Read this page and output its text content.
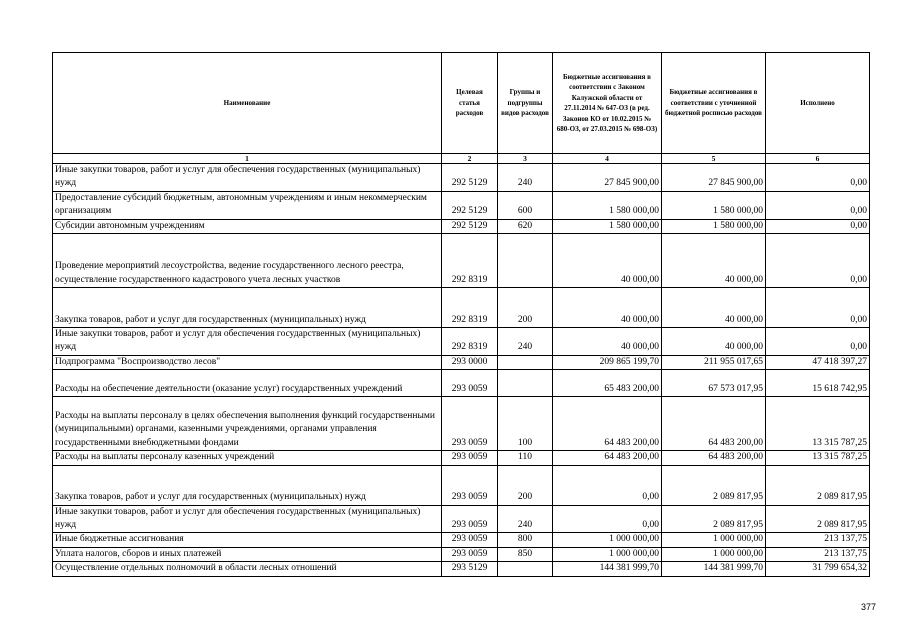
Наименование	Целевая статья расходов	Группы и подгруппы видов расходов	Бюджетные ассигнования в соответствии с Законом Калужской области от 27.11.2014 № 647-ОЗ (в ред. Законов КО от 10.02.2015 № 680-ОЗ, от 27.03.2015 № 698-ОЗ)	Бюджетные ассигнования в соответствии с уточненной бюджетной росписью расходов	Исполнено
1	2	3	4	5	6
Иные закупки товаров, работ и услуг для обеспечения государственных (муниципальных) нужд	292 5129	240	27 845 900,00	27 845 900,00	0,00
Предоставление субсидий бюджетным, автономным учреждениям и иным некоммерческим организациям	292 5129	600	1 580 000,00	1 580 000,00	0,00
Субсидии автономным учреждениям	292 5129	620	1 580 000,00	1 580 000,00	0,00
Проведение мероприятий лесоустройства, ведение государственного лесного реестра, осуществление государственного кадастрового учета лесных участков	292 8319		40 000,00	40 000,00	0,00
Закупка товаров, работ и услуг для государственных (муниципальных) нужд	292 8319	200	40 000,00	40 000,00	0,00
Иные закупки товаров, работ и услуг для обеспечения государственных (муниципальных) нужд	292 8319	240	40 000,00	40 000,00	0,00
Подпрограмма "Воспроизводство лесов"	293 0000		209 865 199,70	211 955 017,65	47 418 397,27
Расходы на обеспечение деятельности (оказание услуг) государственных учреждений	293 0059		65 483 200,00	67 573 017,95	15 618 742,95
Расходы на выплаты персоналу в целях обеспечения выполнения функций государственными (муниципальными) органами, казенными учреждениями, органами управления государственными внебюджетными фондами	293 0059	100	64 483 200,00	64 483 200,00	13 315 787,25
Расходы на выплаты персоналу казенных учреждений	293 0059	110	64 483 200,00	64 483 200,00	13 315 787,25
Закупка товаров, работ и услуг для государственных (муниципальных) нужд	293 0059	200	0,00	2 089 817,95	2 089 817,95
Иные закупки товаров, работ и услуг для обеспечения государственных (муниципальных) нужд	293 0059	240	0,00	2 089 817,95	2 089 817,95
Иные бюджетные ассигнования	293 0059	800	1 000 000,00	1 000 000,00	213 137,75
Уплата налогов, сборов и иных платежей	293 0059	850	1 000 000,00	1 000 000,00	213 137,75
Осуществление отдельных полномочий в области лесных отношений	293 5129		144 381 999,70	144 381 999,70	31 799 654,32
377
